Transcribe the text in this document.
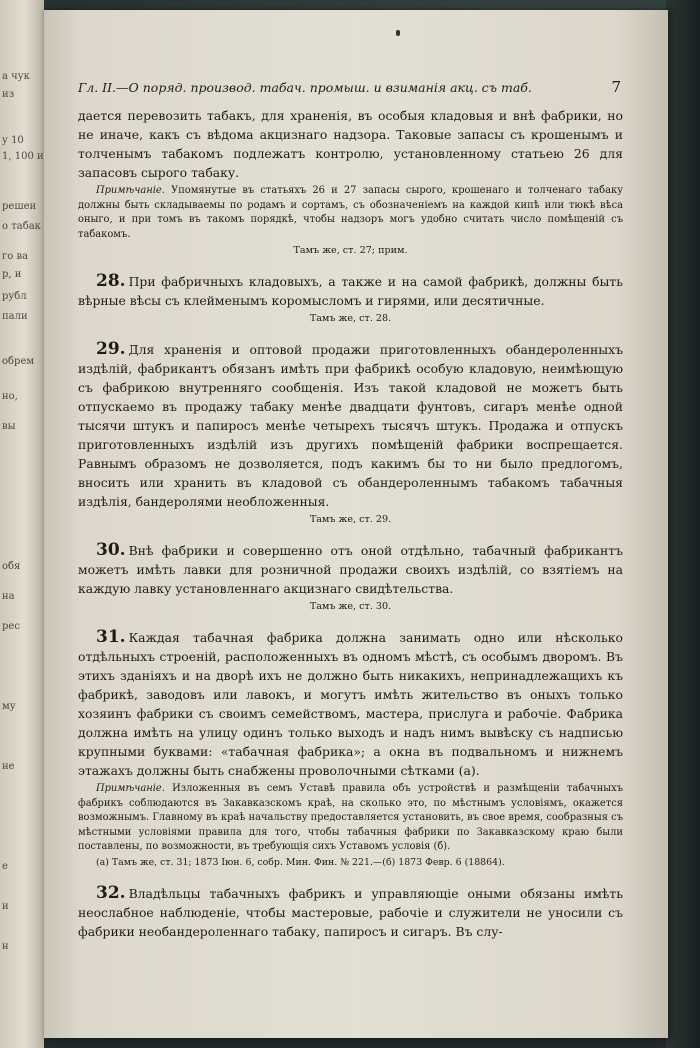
а чук
из
у 10
1, 100 и
решеи
о табак
го ва
р, и
рубл
пали
обрем
но,
вы
обя
на
рес
му
не
е
и
н
Гл. II.—О поряд. производ. табач. промыш. и взиманія акц. съ таб.	7

дается перевозить табакъ, для храненія, въ особыя кладовыя и внѣ фабрики, но не иначе, какъ съ вѣдома акцизнаго надзора. Таковые запасы съ крошенымъ и толченымъ табакомъ подлежатъ контролю, установленному статьею 26 для запасовъ сырого табаку.

Примѣчаніе. Упомянутые въ статьяхъ 26 и 27 запасы сырого, крошенаго и толченаго табаку должны быть складываемы по родамъ и сортамъ, съ обозначеніемъ на каждой кипѣ или тюкѣ вѣса оныго, и при томъ въ такомъ порядкѣ, чтобы надзоръ могъ удобно считать число помѣщеній съ табакомъ.

Тамъ же, ст. 27; прим.

28. При фабричныхъ кладовыхъ, а также и на самой фабрикѣ, должны быть вѣрные вѣсы съ клейменымъ коромысломъ и гирями, или десятичные.

Тамъ же, ст. 28.

29. Для храненія и оптовой продажи приготовленныхъ обандероленныхъ издѣлій, фабрикантъ обязанъ имѣть при фабрикѣ особую кладовую, неимѣющую съ фабрикою внутренняго сообщенія. Изъ такой кладовой не можетъ быть отпускаемо въ продажу табаку менѣе двадцати фунтовъ, сигаръ менѣе одной тысячи штукъ и папиросъ менѣе четырехъ тысячъ штукъ. Продажа и отпускъ приготовленныхъ издѣлій изъ другихъ помѣщеній фабрики воспрещается. Равнымъ образомъ не дозволяется, подъ какимъ бы то ни было предлогомъ, вносить или хранить въ кладовой съ обандероленнымъ табакомъ табачныя издѣлія, бандеролями необложенныя.

Тамъ же, ст. 29.

30. Внѣ фабрики и совершенно отъ оной отдѣльно, табачный фабрикантъ можетъ имѣть лавки для розничной продажи своихъ издѣлій, со взятіемъ на каждую лавку установленнаго акцизнаго свидѣтельства.

Тамъ же, ст. 30.

31. Каждая табачная фабрика должна занимать одно или нѣсколько отдѣльныхъ строеній, расположенныхъ въ одномъ мѣстѣ, съ особымъ дворомъ. Въ этихъ зданіяхъ и на дворѣ ихъ не должно быть никакихъ, непринадлежащихъ къ фабрикѣ, заводовъ или лавокъ, и могутъ имѣть жительство въ оныхъ только хозяинъ фабрики съ своимъ семействомъ, мастера, прислуга и рабочіе. Фабрика должна имѣть на улицу одинъ только выходъ и надъ нимъ вывѣску съ надписью крупными буквами: «табачная фабрика»; а окна въ подвальномъ и нижнемъ этажахъ должны быть снабжены проволочными сѣтками (а).

Примѣчаніе. Изложенныя въ семъ Уставѣ правила объ устройствѣ и размѣщеніи табачныхъ фабрикъ соблюдаются въ Закавказскомъ краѣ, на сколько это, по мѣстнымъ условіямъ, окажется возможнымъ. Главному въ краѣ начальству предоставляется установить, въ свое время, сообразныя съ мѣстными условіями правила для того, чтобы табачныя фабрики по Закавказскому краю были поставлены, по возможности, въ требующія сихъ Уставомъ условія (б).

(а) Тамъ же, ст. 31; 1873 Іюн. 6, собр. Мин. Фин. № 221.—(б) 1873 Февр. 6 (18864).

32. Владѣльцы табачныхъ фабрикъ и управляющіе оными обязаны имѣть неослабное наблюденіе, чтобы мастеровые, рабочіе и служители не уносили съ фабрики необандероленнаго табаку, папиросъ и сигаръ. Въ слу-
